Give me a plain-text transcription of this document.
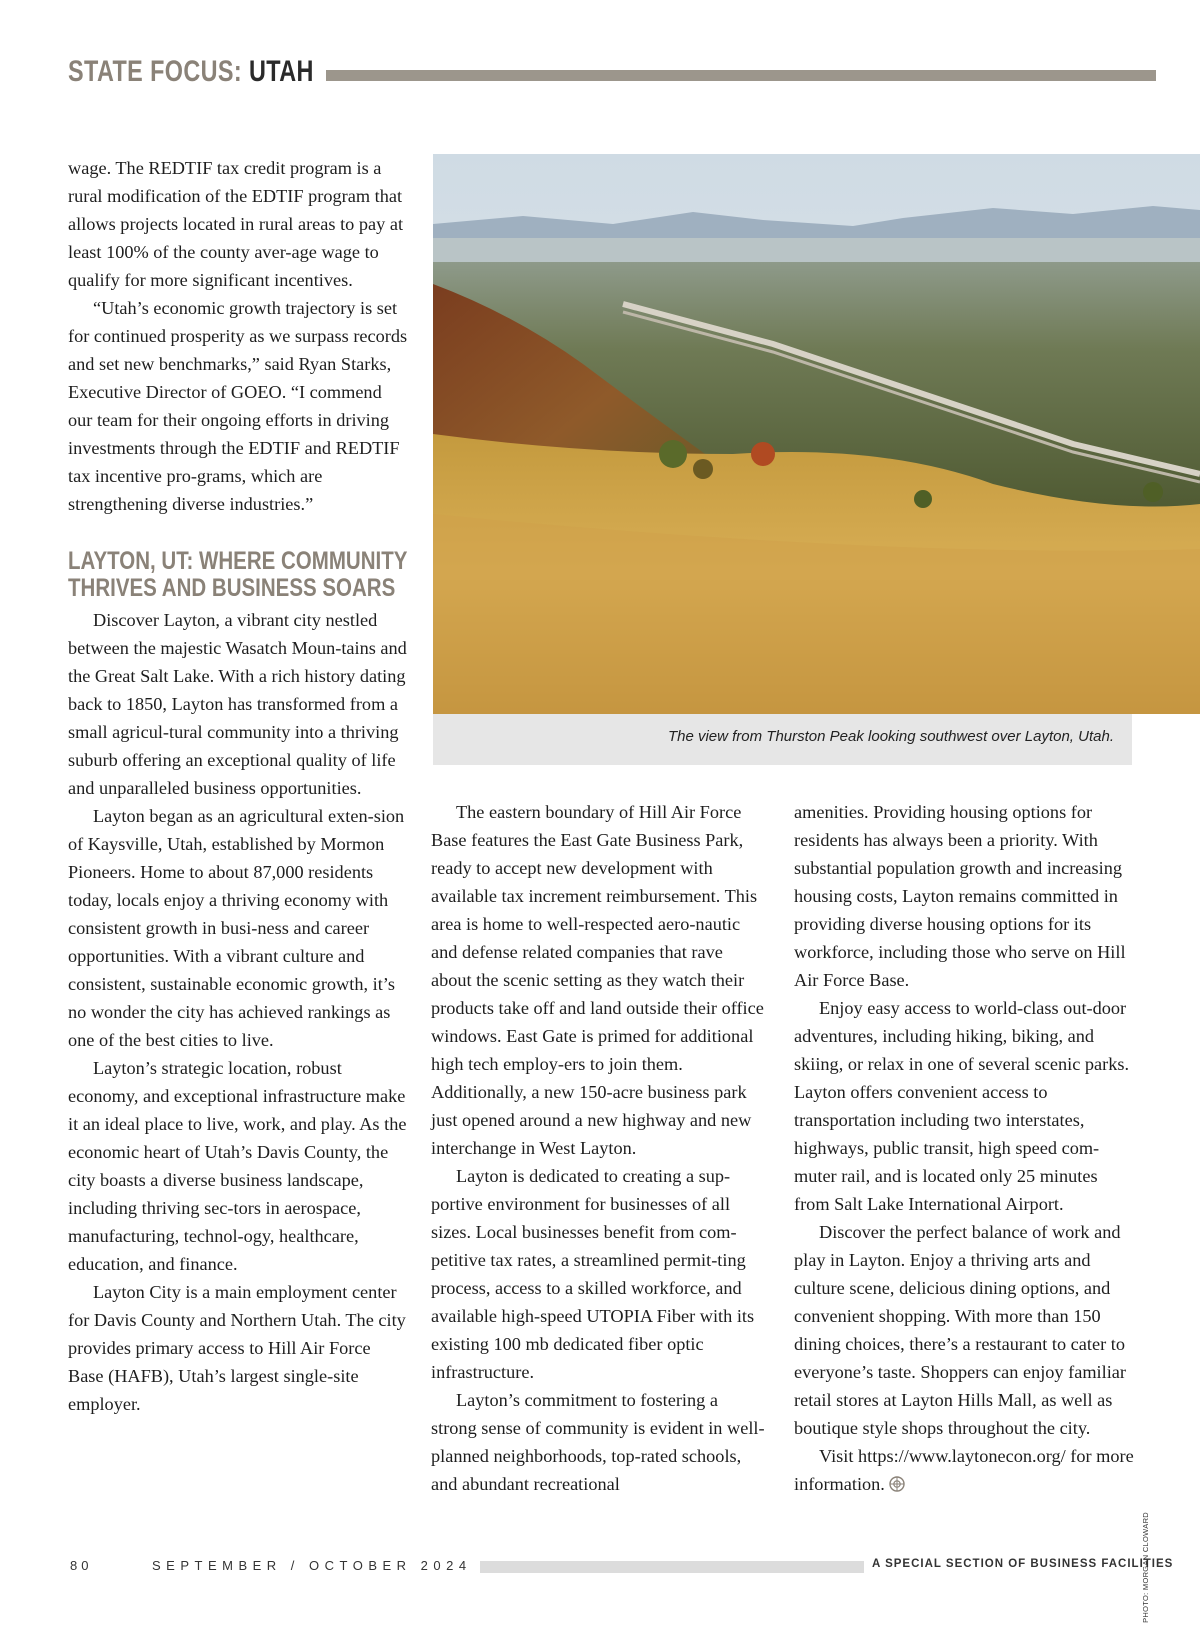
STATE FOCUS: UTAH

wage. The REDTIF tax credit program is a rural modification of the EDTIF program that allows projects located in rural areas to pay at least 100% of the county aver-age wage to qualify for more significant incentives.

“Utah’s economic growth trajectory is set for continued prosperity as we surpass records and set new benchmarks,” said Ryan Starks, Executive Director of GOEO. “I commend our team for their ongoing efforts in driving investments through the EDTIF and REDTIF tax incentive pro-grams, which are strengthening diverse industries.”

LAYTON, UT: WHERE COMMUNITY THRIVES AND BUSINESS SOARS

Discover Layton, a vibrant city nestled between the majestic Wasatch Moun-tains and the Great Salt Lake. With a rich history dating back to 1850, Layton has transformed from a small agricul-tural community into a thriving suburb offering an exceptional quality of life and unparalleled business opportunities.

Layton began as an agricultural exten-sion of Kaysville, Utah, established by Mormon Pioneers. Home to about 87,000 residents today, locals enjoy a thriving economy with consistent growth in busi-ness and career opportunities. With a vibrant culture and consistent, sustainable economic growth, it’s no wonder the city has achieved rankings as one of the best cities to live.

Layton’s strategic location, robust economy, and exceptional infrastructure make it an ideal place to live, work, and play. As the economic heart of Utah’s Davis County, the city boasts a diverse business landscape, including thriving sec-tors in aerospace, manufacturing, technol-ogy, healthcare, education, and finance.

Layton City is a main employment center for Davis County and Northern Utah. The city provides primary access to Hill Air Force Base (HAFB), Utah’s largest single-site employer.

The view from Thurston Peak looking southwest over Layton, Utah.

The eastern boundary of Hill Air Force Base features the East Gate Business Park, ready to accept new development with available tax increment reimbursement. This area is home to well-respected aero-nautic and defense related companies that rave about the scenic setting as they watch their products take off and land outside their office windows. East Gate is primed for additional high tech employ-ers to join them. Additionally, a new 150-acre business park just opened around a new highway and new interchange in West Layton.

Layton is dedicated to creating a sup-portive environment for businesses of all sizes. Local businesses benefit from com-petitive tax rates, a streamlined permit-ting process, access to a skilled workforce, and available high-speed UTOPIA Fiber with its existing 100 mb dedicated fiber optic infrastructure.

Layton’s commitment to fostering a strong sense of community is evident in well-planned neighborhoods, top-rated schools, and abundant recreational

amenities. Providing housing options for residents has always been a priority. With substantial population growth and increasing housing costs, Layton remains committed in providing diverse housing options for its workforce, including those who serve on Hill Air Force Base.

Enjoy easy access to world-class out-door adventures, including hiking, biking, and skiing, or relax in one of several scenic parks. Layton offers convenient access to transportation including two interstates, highways, public transit, high speed com-muter rail, and is located only 25 minutes from Salt Lake International Airport.

Discover the perfect balance of work and play in Layton. Enjoy a thriving arts and culture scene, delicious dining options, and convenient shopping. With more than 150 dining choices, there’s a restaurant to cater to everyone’s taste. Shoppers can enjoy familiar retail stores at Layton Hills Mall, as well as boutique style shops throughout the city.

Visit https://www.laytonecon.org/ for more information.

PHOTO: MORGAN CLOWARD
80	SEPTEMBER / OCTOBER 2024	A SPECIAL SECTION OF BUSINESS FACILITIES
